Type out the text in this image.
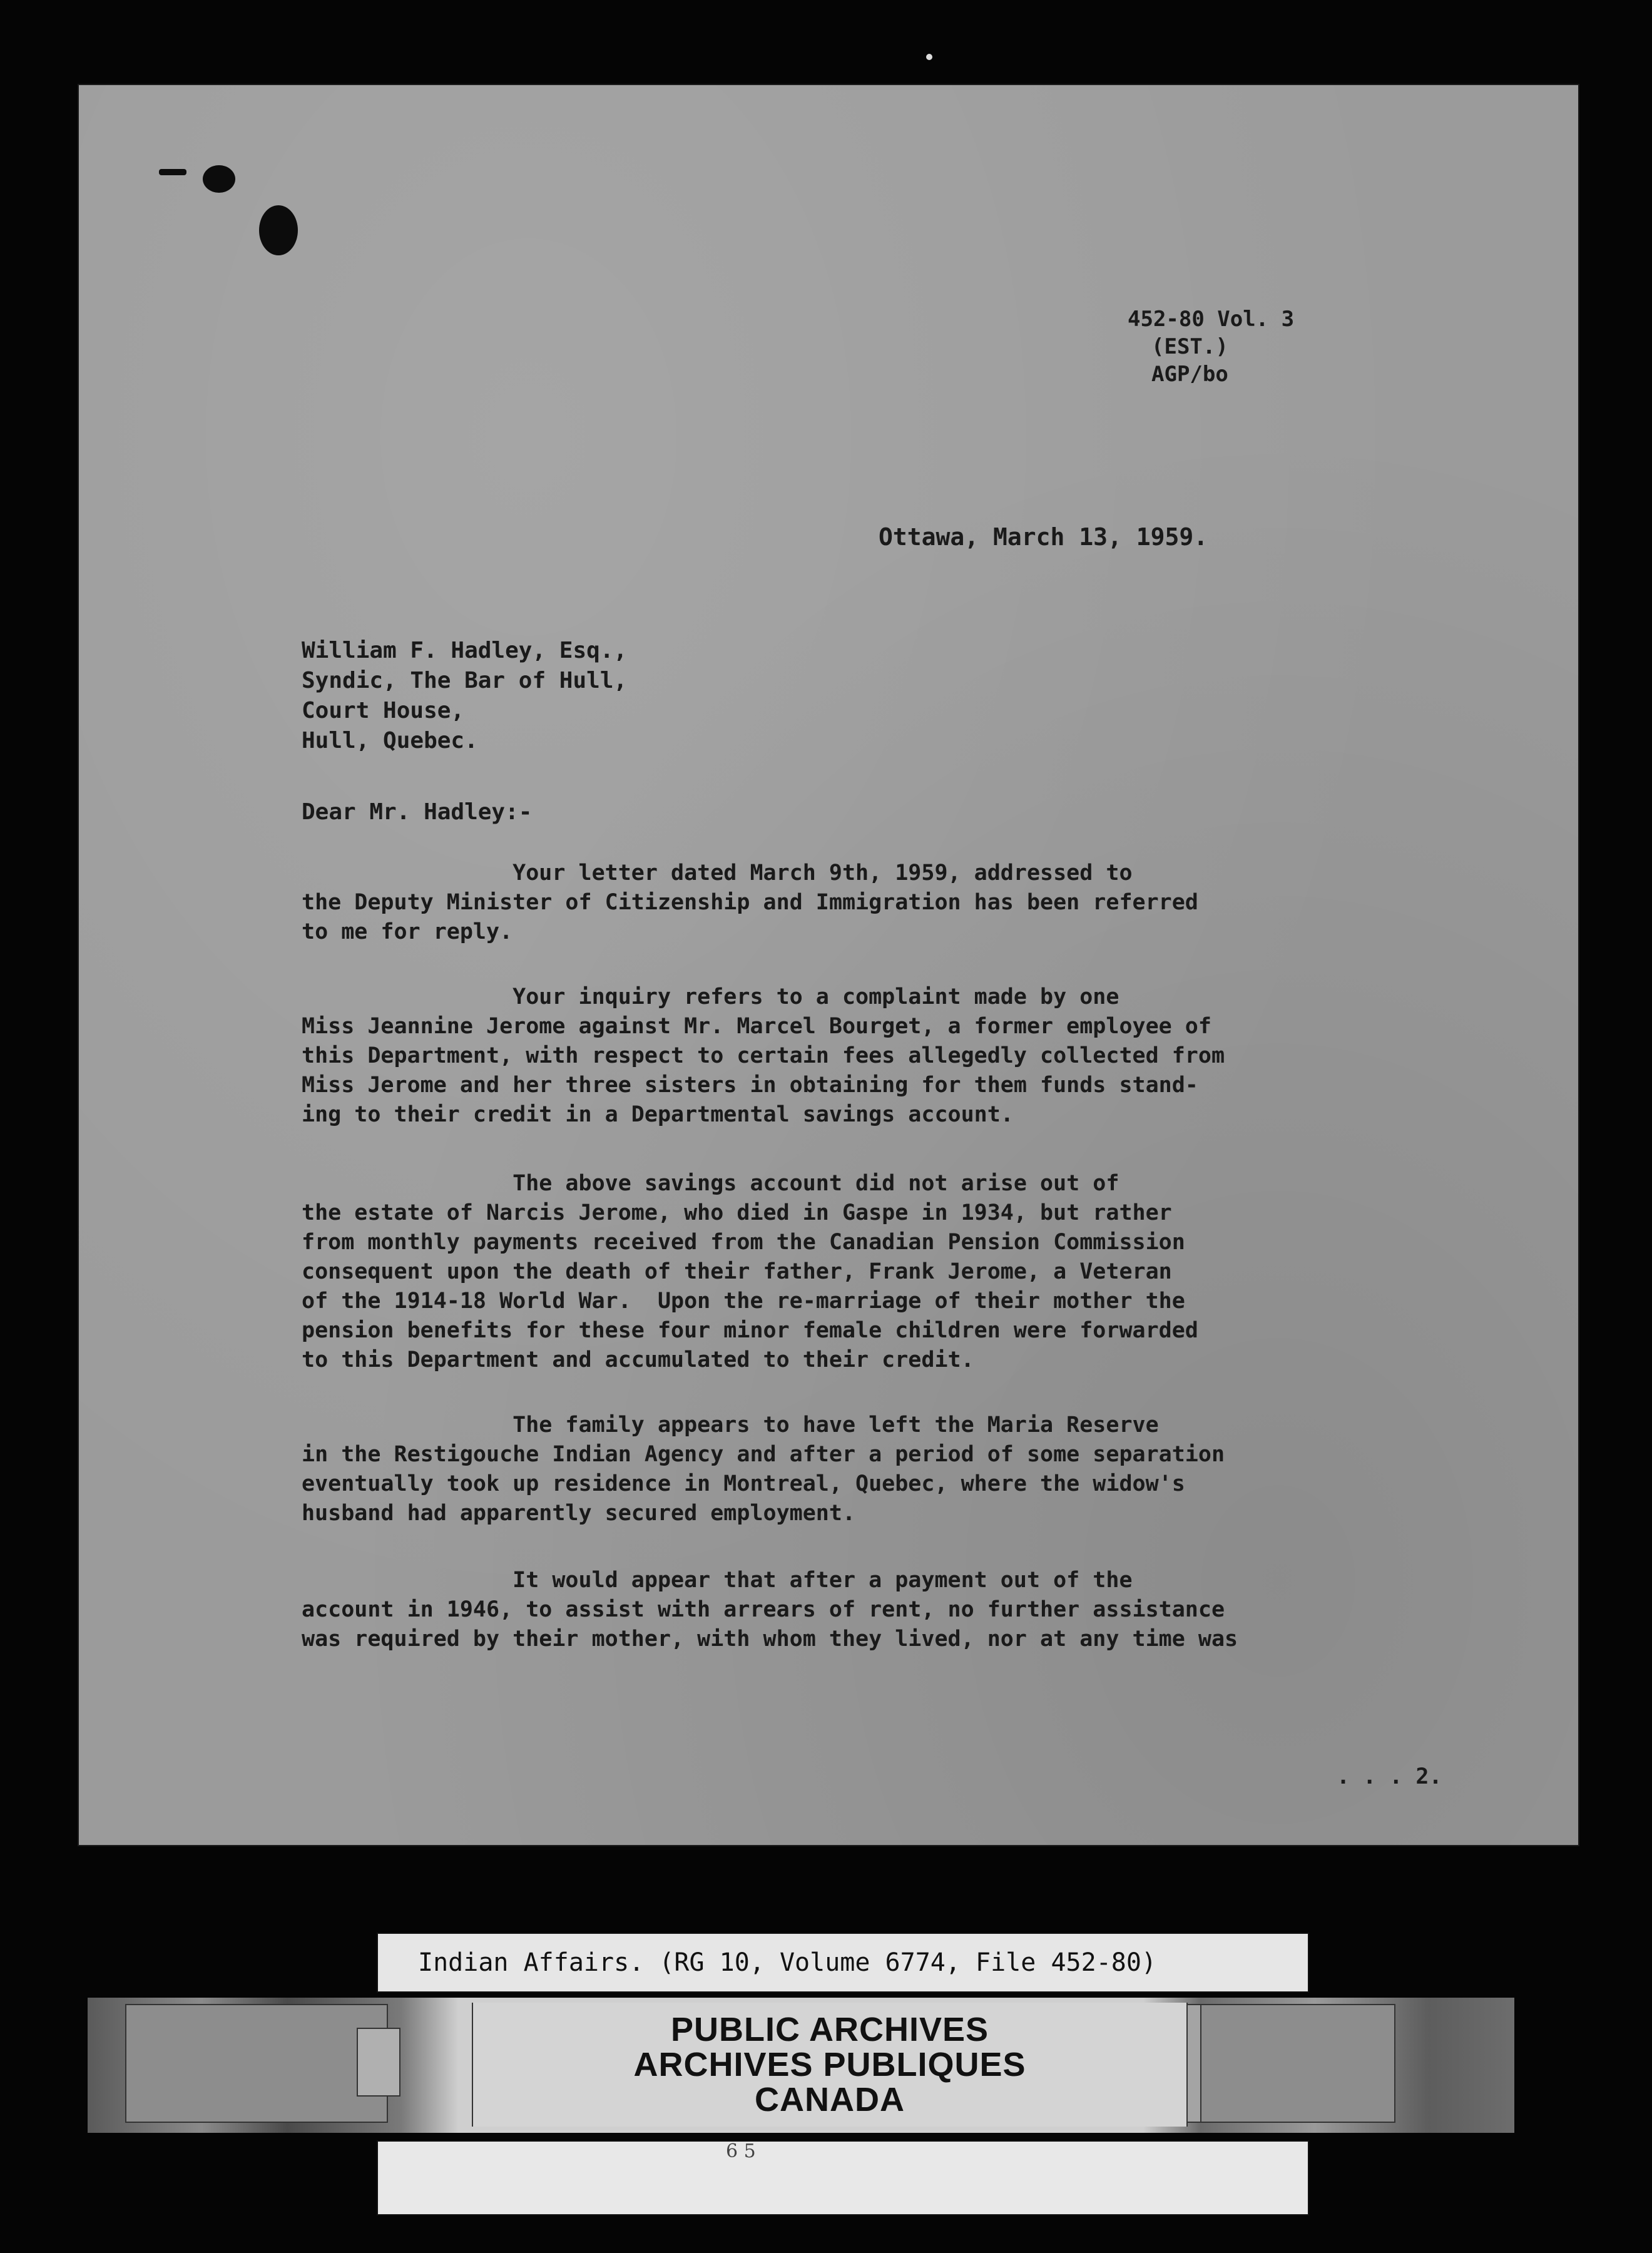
452-80 Vol. 3
(EST.)
AGP/bo
Ottawa, March 13, 1959.
William F. Hadley, Esq.,
Syndic, The Bar of Hull,
Court House,
Hull, Quebec.
Dear Mr. Hadley:-
Your letter dated March 9th, 1959, addressed to
the Deputy Minister of Citizenship and Immigration has been referred
to me for reply.
Your inquiry refers to a complaint made by one
Miss Jeannine Jerome against Mr. Marcel Bourget, a former employee of
this Department, with respect to certain fees allegedly collected from
Miss Jerome and her three sisters in obtaining for them funds stand-
ing to their credit in a Departmental savings account.
The above savings account did not arise out of
the estate of Narcis Jerome, who died in Gaspe in 1934, but rather
from monthly payments received from the Canadian Pension Commission
consequent upon the death of their father, Frank Jerome, a Veteran
of the 1914-18 World War.  Upon the re-marriage of their mother the
pension benefits for these four minor female children were forwarded
to this Department and accumulated to their credit.
The family appears to have left the Maria Reserve
in the Restigouche Indian Agency and after a period of some separation
eventually took up residence in Montreal, Quebec, where the widow's
husband had apparently secured employment.
It would appear that after a payment out of the
account in 1946, to assist with arrears of rent, no further assistance
was required by their mother, with whom they lived, nor at any time was
. . . 2.
Indian Affairs. (RG 10, Volume 6774, File 452-80)
PUBLIC ARCHIVES
ARCHIVES PUBLIQUES
CANADA
6 5
